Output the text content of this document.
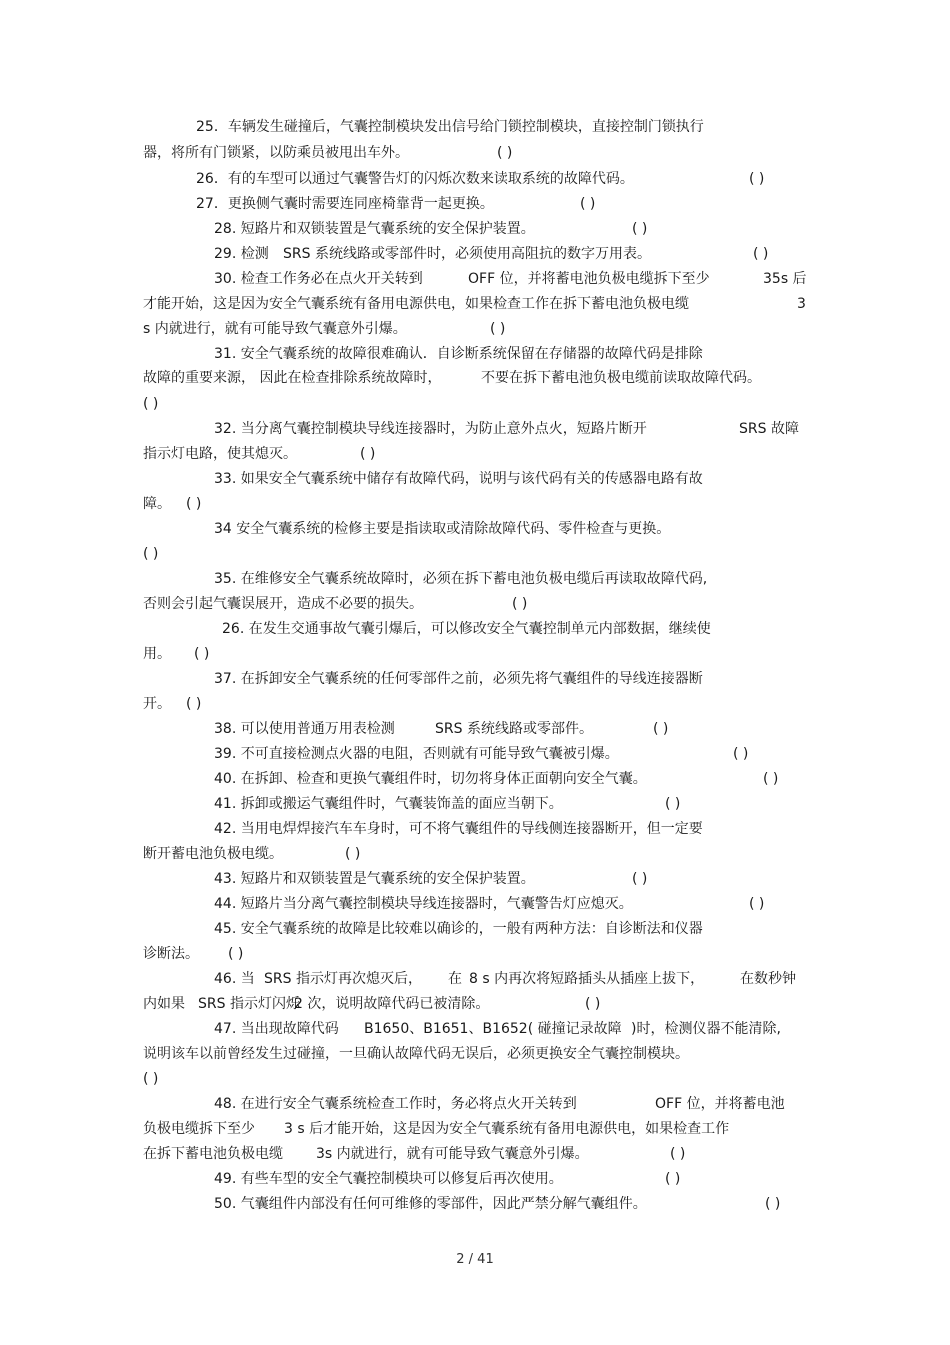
25．车辆发生碰撞后，气囊控制模块发出信号给门锁控制模块，直接控制门锁执行
器，将所有门锁紧，以防乘员被甩出车外。	( )
26．有的车型可以通过气囊警告灯的闪烁次数来读取系统的故障代码。	( )
27．更换侧气囊时需要连同座椅靠背一起更换。	( )
28. 短路片和双锁装置是气囊系统的安全保护装置。	( )
29. 检测 SRS 系统线路或零部件时，必须使用高阻抗的数字万用表。	( )
30. 检查工作务必在点火开关转到	OFF 位，并将蓄电池负极电缆拆下至少	35s 后
才能开始，这是因为安全气囊系统有备用电源供电，如果检查工作在拆下蓄电池负极电缆	3
s 内就进行，就有可能导致气囊意外引爆。	( )
31. 安全气囊系统的故障很难确认．自诊断系统保留在存储器的故障代码是排除
故障的重要来源， 因此在检查排除系统故障时，	不要在拆下蓄电池负极电缆前读取故障代码。
( )
32. 当分离气囊控制模块导线连接器时，为防止意外点火，短路片断开	SRS 故障
指示灯电路，使其熄灭。	( )
33. 如果安全气囊系统中储存有故障代码，说明与该代码有关的传感器电路有故
障。 ( )
34 安全气囊系统的检修主要是指读取或清除故障代码、零件检查与更换。
( )
35. 在维修安全气囊系统故障时，必须在拆下蓄电池负极电缆后再读取故障代码,
否则会引起气囊误展开，造成不必要的损失。	( )
26. 在发生交通事故气囊引爆后，可以修改安全气囊控制单元内部数据，继续使
用。 ( )
37. 在拆卸安全气囊系统的任何零部件之前，必须先将气囊组件的导线连接器断
开。 ( )
38. 可以使用普通万用表检测	SRS 系统线路或零部件。	( )
39. 不可直接检测点火器的电阻，否则就有可能导致气囊被引爆。	( )
40. 在拆卸、检查和更换气囊组件时，切勿将身体正面朝向安全气囊。	( )
41. 拆卸或搬运气囊组件时，气囊装饰盖的面应当朝下。	( )
42. 当用电焊焊接汽车车身时，可不将气囊组件的导线侧连接器断开，但一定要
断开蓄电池负极电缆。	( )
43. 短路片和双锁装置是气囊系统的安全保护装置。	( )
44. 短路片当分离气囊控制模块导线连接器时，气囊警告灯应熄灭。	( )
45. 安全气囊系统的故障是比较难以确诊的，一般有两种方法：自诊断法和仪器
诊断法。 ( )
46. 当 SRS 指示灯再次熄灭后， 在 8 s 内再次将短路插头从插座上拔下，	在数秒钟
内如果 SRS 指示灯闪烁
2 次，说明故障代码已被清除。	( )
47. 当出现故障代码 B1650、B1651、B1652( 碰撞记录故障 )时，检测仪器不能清除,
说明该车以前曾经发生过碰撞，一旦确认故障代码无误后，必须更换安全气囊控制模块。
( )
48. 在进行安全气囊系统检查工作时，务必将点火开关转到	OFF 位，并将蓄电池
负极电缆拆下至少 3 s 后才能开始，这是因为安全气囊系统有备用电源供电，如果检查工作
在拆下蓄电池负极电缆 3s 内就进行，就有可能导致气囊意外引爆。	( )
49. 有些车型的安全气囊控制模块可以修复后再次使用。	( )
50. 气囊组件内部没有任何可维修的零部件，因此严禁分解气囊组件。	( )
2 / 41
